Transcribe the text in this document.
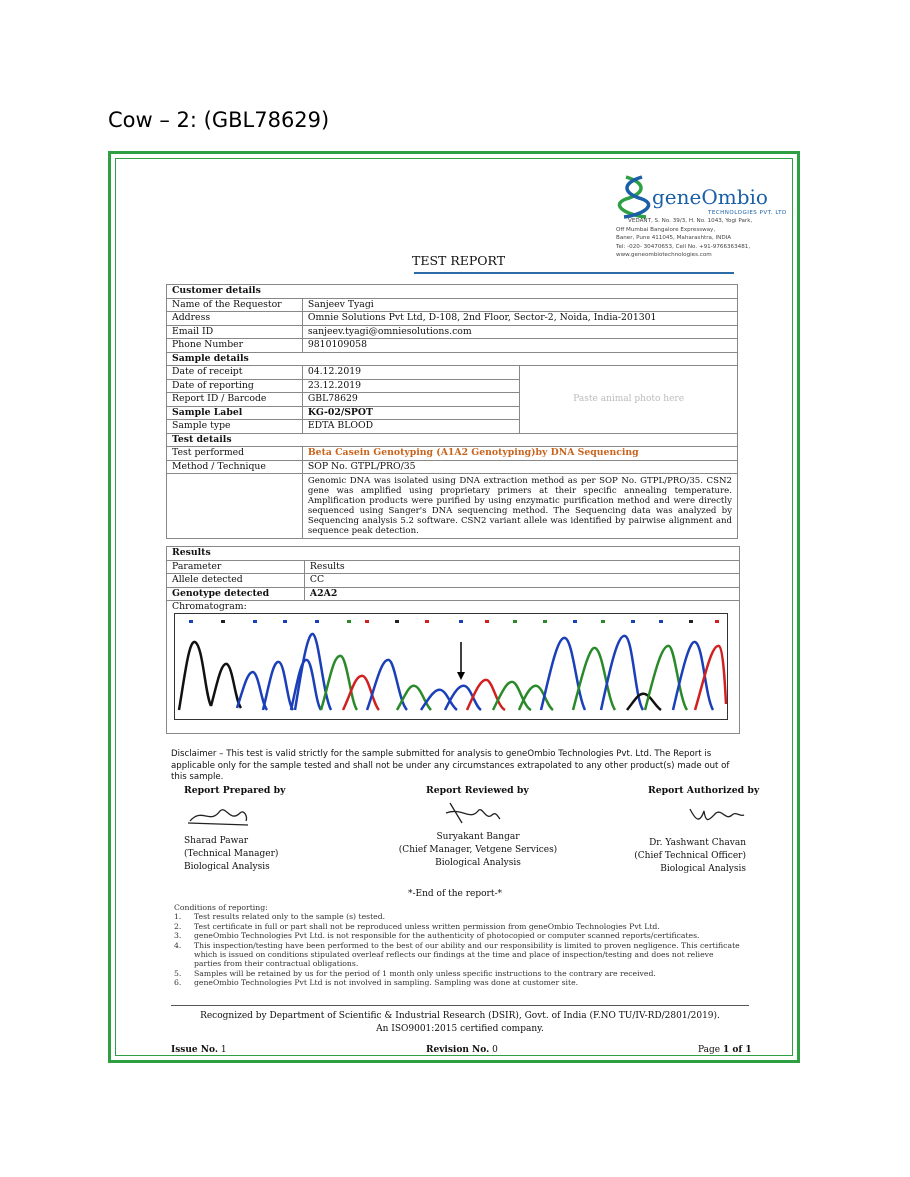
Cow – 2: (GBL78629)
geneOmbio
TECHNOLOGIES PVT. LTD
VEDANT, S. No. 39/3, H. No. 1043, Yogi Park,
Off Mumbai Bangalore Expressway,
Baner, Pune 411045, Maharashtra, INDIA
Tel: -020- 30470653, Cell No. +91-9766363481,
www.geneombiotechnologies.com
TEST REPORT
Customer details		
Name of the Requestor	Sanjeev Tyagi	
Address	Omnie Solutions Pvt Ltd, D-108, 2nd Floor, Sector-2, Noida, India-201301	
Email ID	sanjeev.tyagi@omniesolutions.com	
Phone Number	9810109058	
Sample details		
Date of receipt	04.12.2019	Paste animal photo here
Date of reporting	23.12.2019	
Report ID / Barcode	GBL78629	
Sample Label	KG-02/SPOT	
Sample type	EDTA BLOOD	
Test details		
Test performed	Beta Casein Genotyping (A1A2 Genotyping)by DNA Sequencing	
Method / Technique	SOP No. GTPL/PRO/35	
	Genomic DNA was isolated using DNA extraction method as per SOP No. GTPL/PRO/35. CSN2 gene was amplified using proprietary primers at their specific annealing temperature. Amplification products were purified by using enzymatic purification method and were directly sequenced using Sanger's DNA sequencing method. The Sequencing data was analyzed by Sequencing analysis 5.2 software. CSN2 variant allele was identified by pairwise alignment and sequence peak detection.	
Results	
Parameter	Results
Allele detected	CC
Genotype detected	A2A2
Chromatogram:	
Disclaimer – This test is valid strictly for the sample submitted for analysis to geneOmbio Technologies Pvt. Ltd. The Report is applicable only for the sample tested and shall not be under any circumstances extrapolated to any other product(s) made out of this sample.
Report Prepared by
Sharad Pawar
(Technical Manager)
Biological Analysis
Report Reviewed by
Suryakant Bangar
(Chief Manager, Vetgene Services)
Biological Analysis
Report Authorized by
Dr. Yashwant Chavan
(Chief Technical Officer)
Biological Analysis
*-End of the report-*
Conditions of reporting:
1.	Test results related only to the sample (s) tested.
2.	Test certificate in full or part shall not be reproduced unless written permission from geneOmbio Technologies Pvt Ltd.
3.	geneOmbio Technologies Pvt Ltd. is not responsible for the authenticity of photocopied or computer scanned reports/certificates.
4.	This inspection/testing have been performed to the best of our ability and our responsibility is limited to proven negligence. This certificate which is issued on conditions stipulated overleaf reflects our findings at the time and place of inspection/testing and does not relieve parties from their contractual obligations.
5.	Samples will be retained by us for the period of 1 month only unless specific instructions to the contrary are received.
6.	geneOmbio Technologies Pvt Ltd is not involved in sampling. Sampling was done at customer site.
Recognized by Department of Scientific & Industrial Research (DSIR), Govt. of India (F.NO TU/IV-RD/2801/2019).
An ISO9001:2015 certified company.
Issue No. 1	Revision No. 0	Page 1 of 1
